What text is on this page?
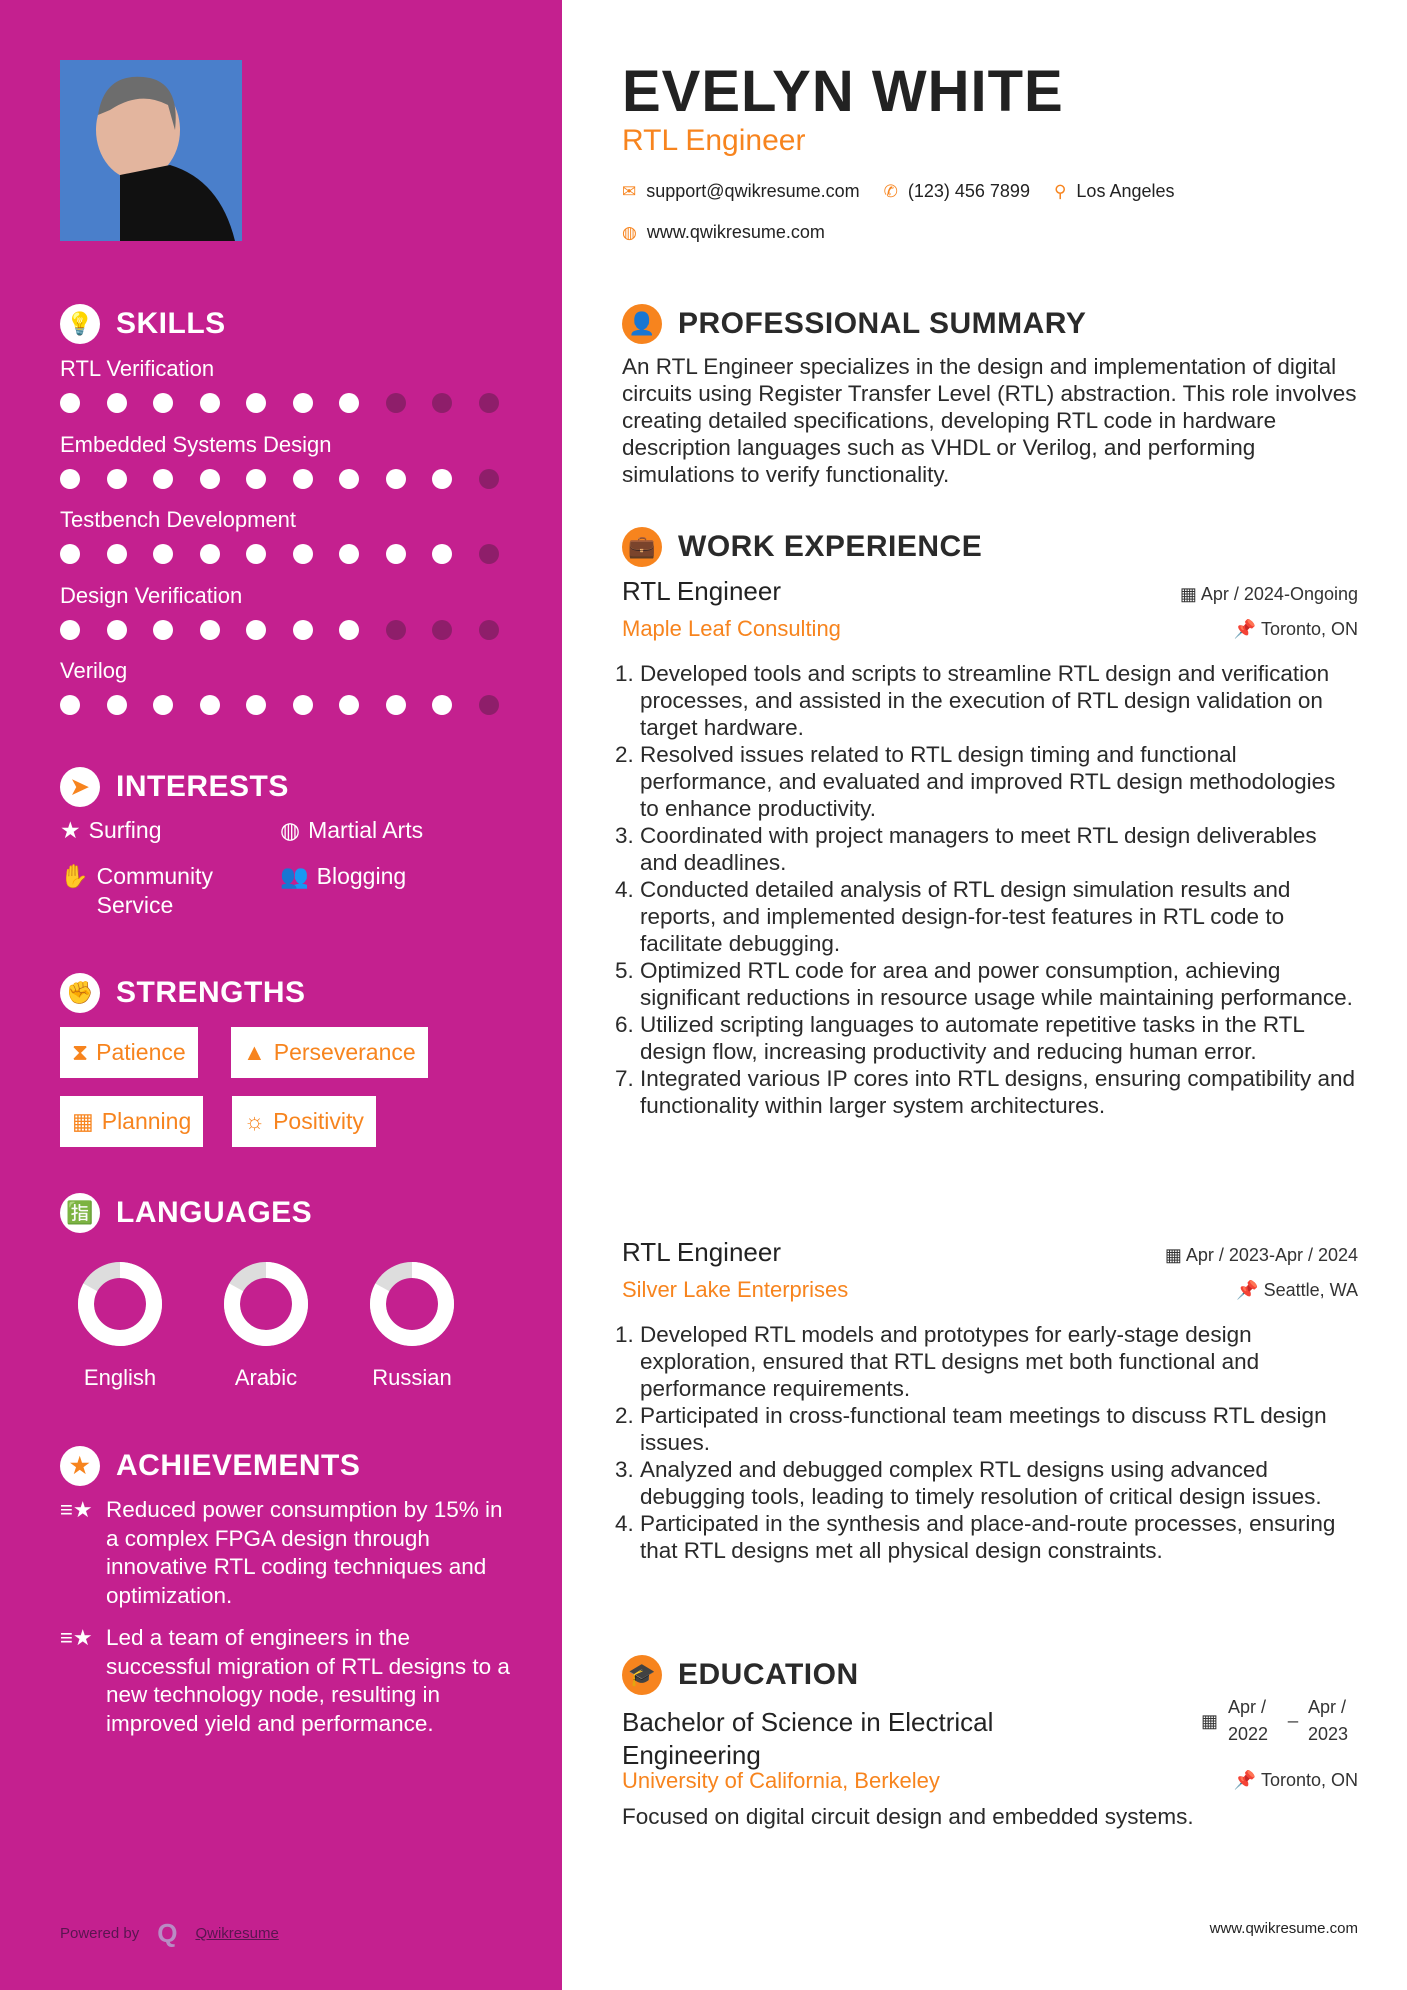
💡 SKILLS
RTL Verification
Embedded Systems Design
Testbench Development
Design Verification
Verilog
➤ INTERESTS
★ Surfing	◍ Martial Arts
✋ Community Service
👥 Blogging
✊ STRENGTHS
⧗ Patience ▲ Perseverance
▦ Planning ☼ Positivity
🈯 LANGUAGES
English	Arabic	Russian
★ ACHIEVEMENTS
≡★ Reduced power consumption by 15% in a complex FPGA design through innovative RTL coding techniques and optimization.
≡★ Led a team of engineers in the successful migration of RTL designs to a new technology node, resulting in improved yield and performance.
Powered by Q Qwikresume
EVELYN WHITE
RTL Engineer
✉ support@qwikresume.com ✆ (123) 456 7899 ⚲ Los Angeles
◍ www.qwikresume.com
👤 PROFESSIONAL SUMMARY

An RTL Engineer specializes in the design and implementation of digital circuits using Register Transfer Level (RTL) abstraction. This role involves creating detailed specifications, developing RTL code in hardware description languages such as VHDL or Verilog, and performing simulations to verify functionality.

💼 WORK EXPERIENCE
RTL Engineer	▦ Apr / 2024-Ongoing
Maple Leaf Consulting	📌 Toronto, ON
1. Developed tools and scripts to streamline RTL design and verification processes, and assisted in the execution of RTL design validation on target hardware.
2. Resolved issues related to RTL design timing and functional performance, and evaluated and improved RTL design methodologies to enhance productivity.
3. Coordinated with project managers to meet RTL design deliverables and deadlines.
4. Conducted detailed analysis of RTL design simulation results and reports, and implemented design-for-test features in RTL code to facilitate debugging.
5. Optimized RTL code for area and power consumption, achieving significant reductions in resource usage while maintaining performance.
6. Utilized scripting languages to automate repetitive tasks in the RTL design flow, increasing productivity and reducing human error.
7. Integrated various IP cores into RTL designs, ensuring compatibility and functionality within larger system architectures.
RTL Engineer	▦ Apr / 2023-Apr / 2024
Silver Lake Enterprises	📌 Seattle, WA
1. Developed RTL models and prototypes for early-stage design exploration, ensured that RTL designs met both functional and performance requirements.
2. Participated in cross-functional team meetings to discuss RTL design issues.
3. Analyzed and debugged complex RTL designs using advanced debugging tools, leading to timely resolution of critical design issues.
4. Participated in the synthesis and place-and-route processes, ensuring that RTL designs met all physical design constraints.
🎓 EDUCATION
Bachelor of Science in Electrical Engineering
▦
Apr / 2022
_ Apr / 2023
University of California, Berkeley	📌 Toronto, ON
Focused on digital circuit design and embedded systems.
www.qwikresume.com
